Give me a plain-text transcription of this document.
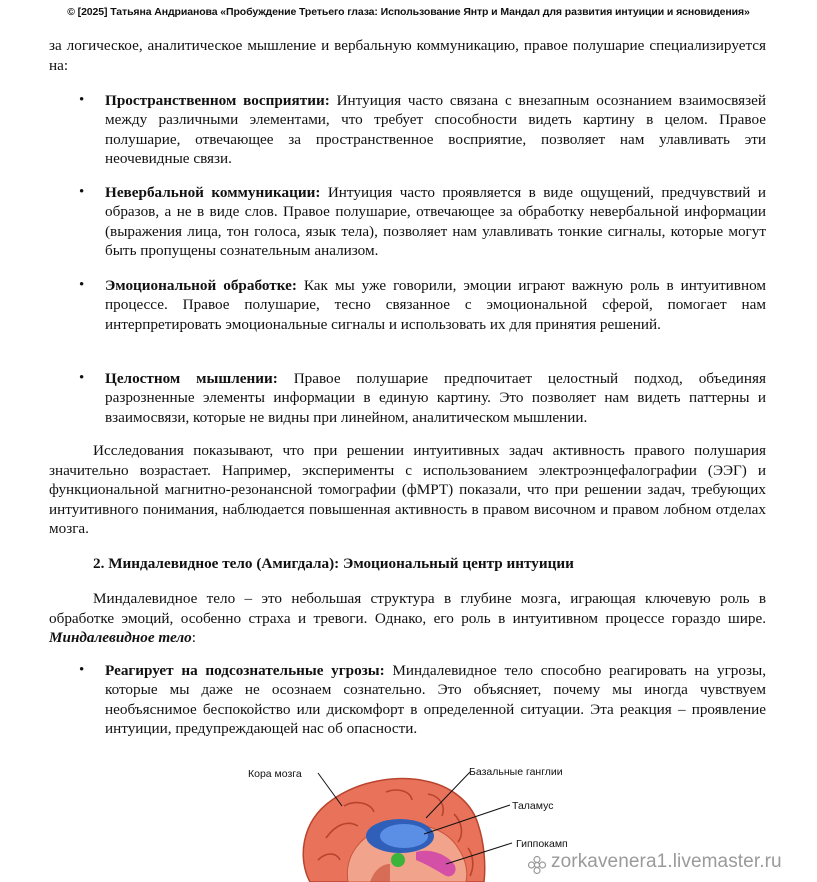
© [2025] Татьяна Андрианова «Пробуждение Третьего глаза: Использование Янтр и Мандал для развития интуиции и ясновидения»
за логическое, аналитическое мышление и вербальную коммуникацию, правое полушарие специализируется на:
• Пространственном восприятии: Интуиция часто связана с внезапным осознанием взаимосвязей между различными элементами, что требует способности видеть картину в целом. Правое полушарие, отвечающее за пространственное восприятие, позволяет нам улавливать эти неочевидные связи.
• Невербальной коммуникации: Интуиция часто проявляется в виде ощущений, предчувствий и образов, а не в виде слов. Правое полушарие, отвечающее за обработку невербальной информации (выражения лица, тон голоса, язык тела), позволяет нам улавливать тонкие сигналы, которые могут быть пропущены сознательным анализом.
• Эмоциональной обработке: Как мы уже говорили, эмоции играют важную роль в интуитивном процессе. Правое полушарие, тесно связанное с эмоциональной сферой, помогает нам интерпретировать эмоциональные сигналы и использовать их для принятия решений.
• Целостном мышлении: Правое полушарие предпочитает целостный подход, объединяя разрозненные элементы информации в единую картину. Это позволяет нам видеть паттерны и взаимосвязи, которые не видны при линейном, аналитическом мышлении.
Исследования показывают, что при решении интуитивных задач активность правого полушария значительно возрастает. Например, эксперименты с использованием электроэнцефалографии (ЭЭГ) и функциональной магнитно-резонансной томографии (фМРТ) показали, что при решении задач, требующих интуитивного понимания, наблюдается повышенная активность в правом височном и правом лобном отделах мозга.
2. Миндалевидное тело (Амигдала): Эмоциональный центр интуиции
Миндалевидное тело – это небольшая структура в глубине мозга, играющая ключевую роль в обработке эмоций, особенно страха и тревоги. Однако, его роль в интуитивном процессе гораздо шире. Миндалевидное тело:
• Реагирует на подсознательные угрозы: Миндалевидное тело способно реагировать на угрозы, которые мы даже не осознаем сознательно. Это объясняет, почему мы иногда чувствуем необъяснимое беспокойство или дискомфорт в определенной ситуации. Эта реакция – проявление интуиции, предупреждающей нас об опасности.
Кора мозга	Базальные ганглии
Таламус
Гиппокамп
zorkavenera1.livemaster.ru
